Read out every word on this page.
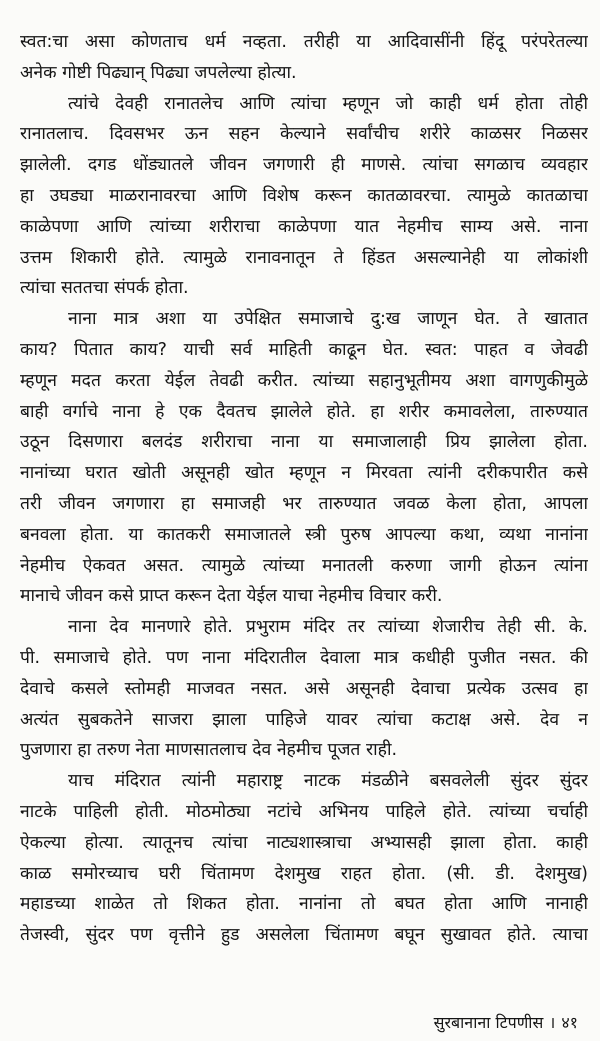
स्वत:चा असा कोणताच धर्म नव्हता. तरीही या आदिवासींनी हिंदू परंपरेतल्या
अनेक गोष्टी पिढ्यान् पिढ्या जपलेल्या होत्या.
त्यांचे देवही रानातलेच आणि त्यांचा म्हणून जो काही धर्म होता तोही
रानातलाच. दिवसभर ऊन सहन केल्याने सर्वांचीच शरीरे काळसर निळसर
झालेली. दगड धोंड्यातले जीवन जगणारी ही माणसे. त्यांचा सगळाच व्यवहार
हा उघड्या माळरानावरचा आणि विशेष करून कातळावरचा. त्यामुळे कातळाचा
काळेपणा आणि त्यांच्या शरीराचा काळेपणा यात नेहमीच साम्य असे. नाना
उत्तम शिकारी होते. त्यामुळे रानावनातून ते हिंडत असल्यानेही या लोकांशी
त्यांचा सततचा संपर्क होता.
नाना मात्र अशा या उपेक्षित समाजाचे दु:ख जाणून घेत. ते खातात
काय? पितात काय? याची सर्व माहिती काढून घेत. स्वत: पाहत व जेवढी
म्हणून मदत करता येईल तेवढी करीत. त्यांच्या सहानुभूतीमय अशा वागणुकीमुळे
बाही वर्गाचे नाना हे एक दैवतच झालेले होते. हा शरीर कमावलेला, तारुण्यात
उठून दिसणारा बलदंड शरीराचा नाना या समाजालाही प्रिय झालेला होता.
नानांच्या घरात खोती असूनही खोत म्हणून न मिरवता त्यांनी दरीकपारीत कसे
तरी जीवन जगणारा हा समाजही भर तारुण्यात जवळ केला होता, आपला
बनवला होता. या कातकरी समाजातले स्त्री पुरुष आपल्या कथा, व्यथा नानांना
नेहमीच ऐकवत असत. त्यामुळे त्यांच्या मनातली करुणा जागी होऊन त्यांना
मानाचे जीवन कसे प्राप्त करून देता येईल याचा नेहमीच विचार करी.
नाना देव मानणारे होते. प्रभुराम मंदिर तर त्यांच्या शेजारीच तेही सी. के.
पी. समाजाचे होते. पण नाना मंदिरातील देवाला मात्र कधीही पुजीत नसत. की
देवाचे कसले स्तोमही माजवत नसत. असे असूनही देवाचा प्रत्येक उत्सव हा
अत्यंत सुबकतेने साजरा झाला पाहिजे यावर त्यांचा कटाक्ष असे. देव न
पुजणारा हा तरुण नेता माणसातलाच देव नेहमीच पूजत राही.
याच मंदिरात त्यांनी महाराष्ट्र नाटक मंडळीने बसवलेली सुंदर सुंदर
नाटके पाहिली होती. मोठमोठ्या नटांचे अभिनय पाहिले होते. त्यांच्या चर्चाही
ऐकल्या होत्या. त्यातूनच त्यांचा नाट्यशास्त्राचा अभ्यासही झाला होता. काही
काळ समोरच्याच घरी चिंतामण देशमुख राहत होता. (सी. डी. देशमुख)
महाडच्या शाळेत तो शिकत होता. नानांना तो बघत होता आणि नानाही
तेजस्वी, सुंदर पण वृत्तीने हुड असलेला चिंतामण बघून सुखावत होते. त्याचा
सुरबानाना टिपणीस । ४१
